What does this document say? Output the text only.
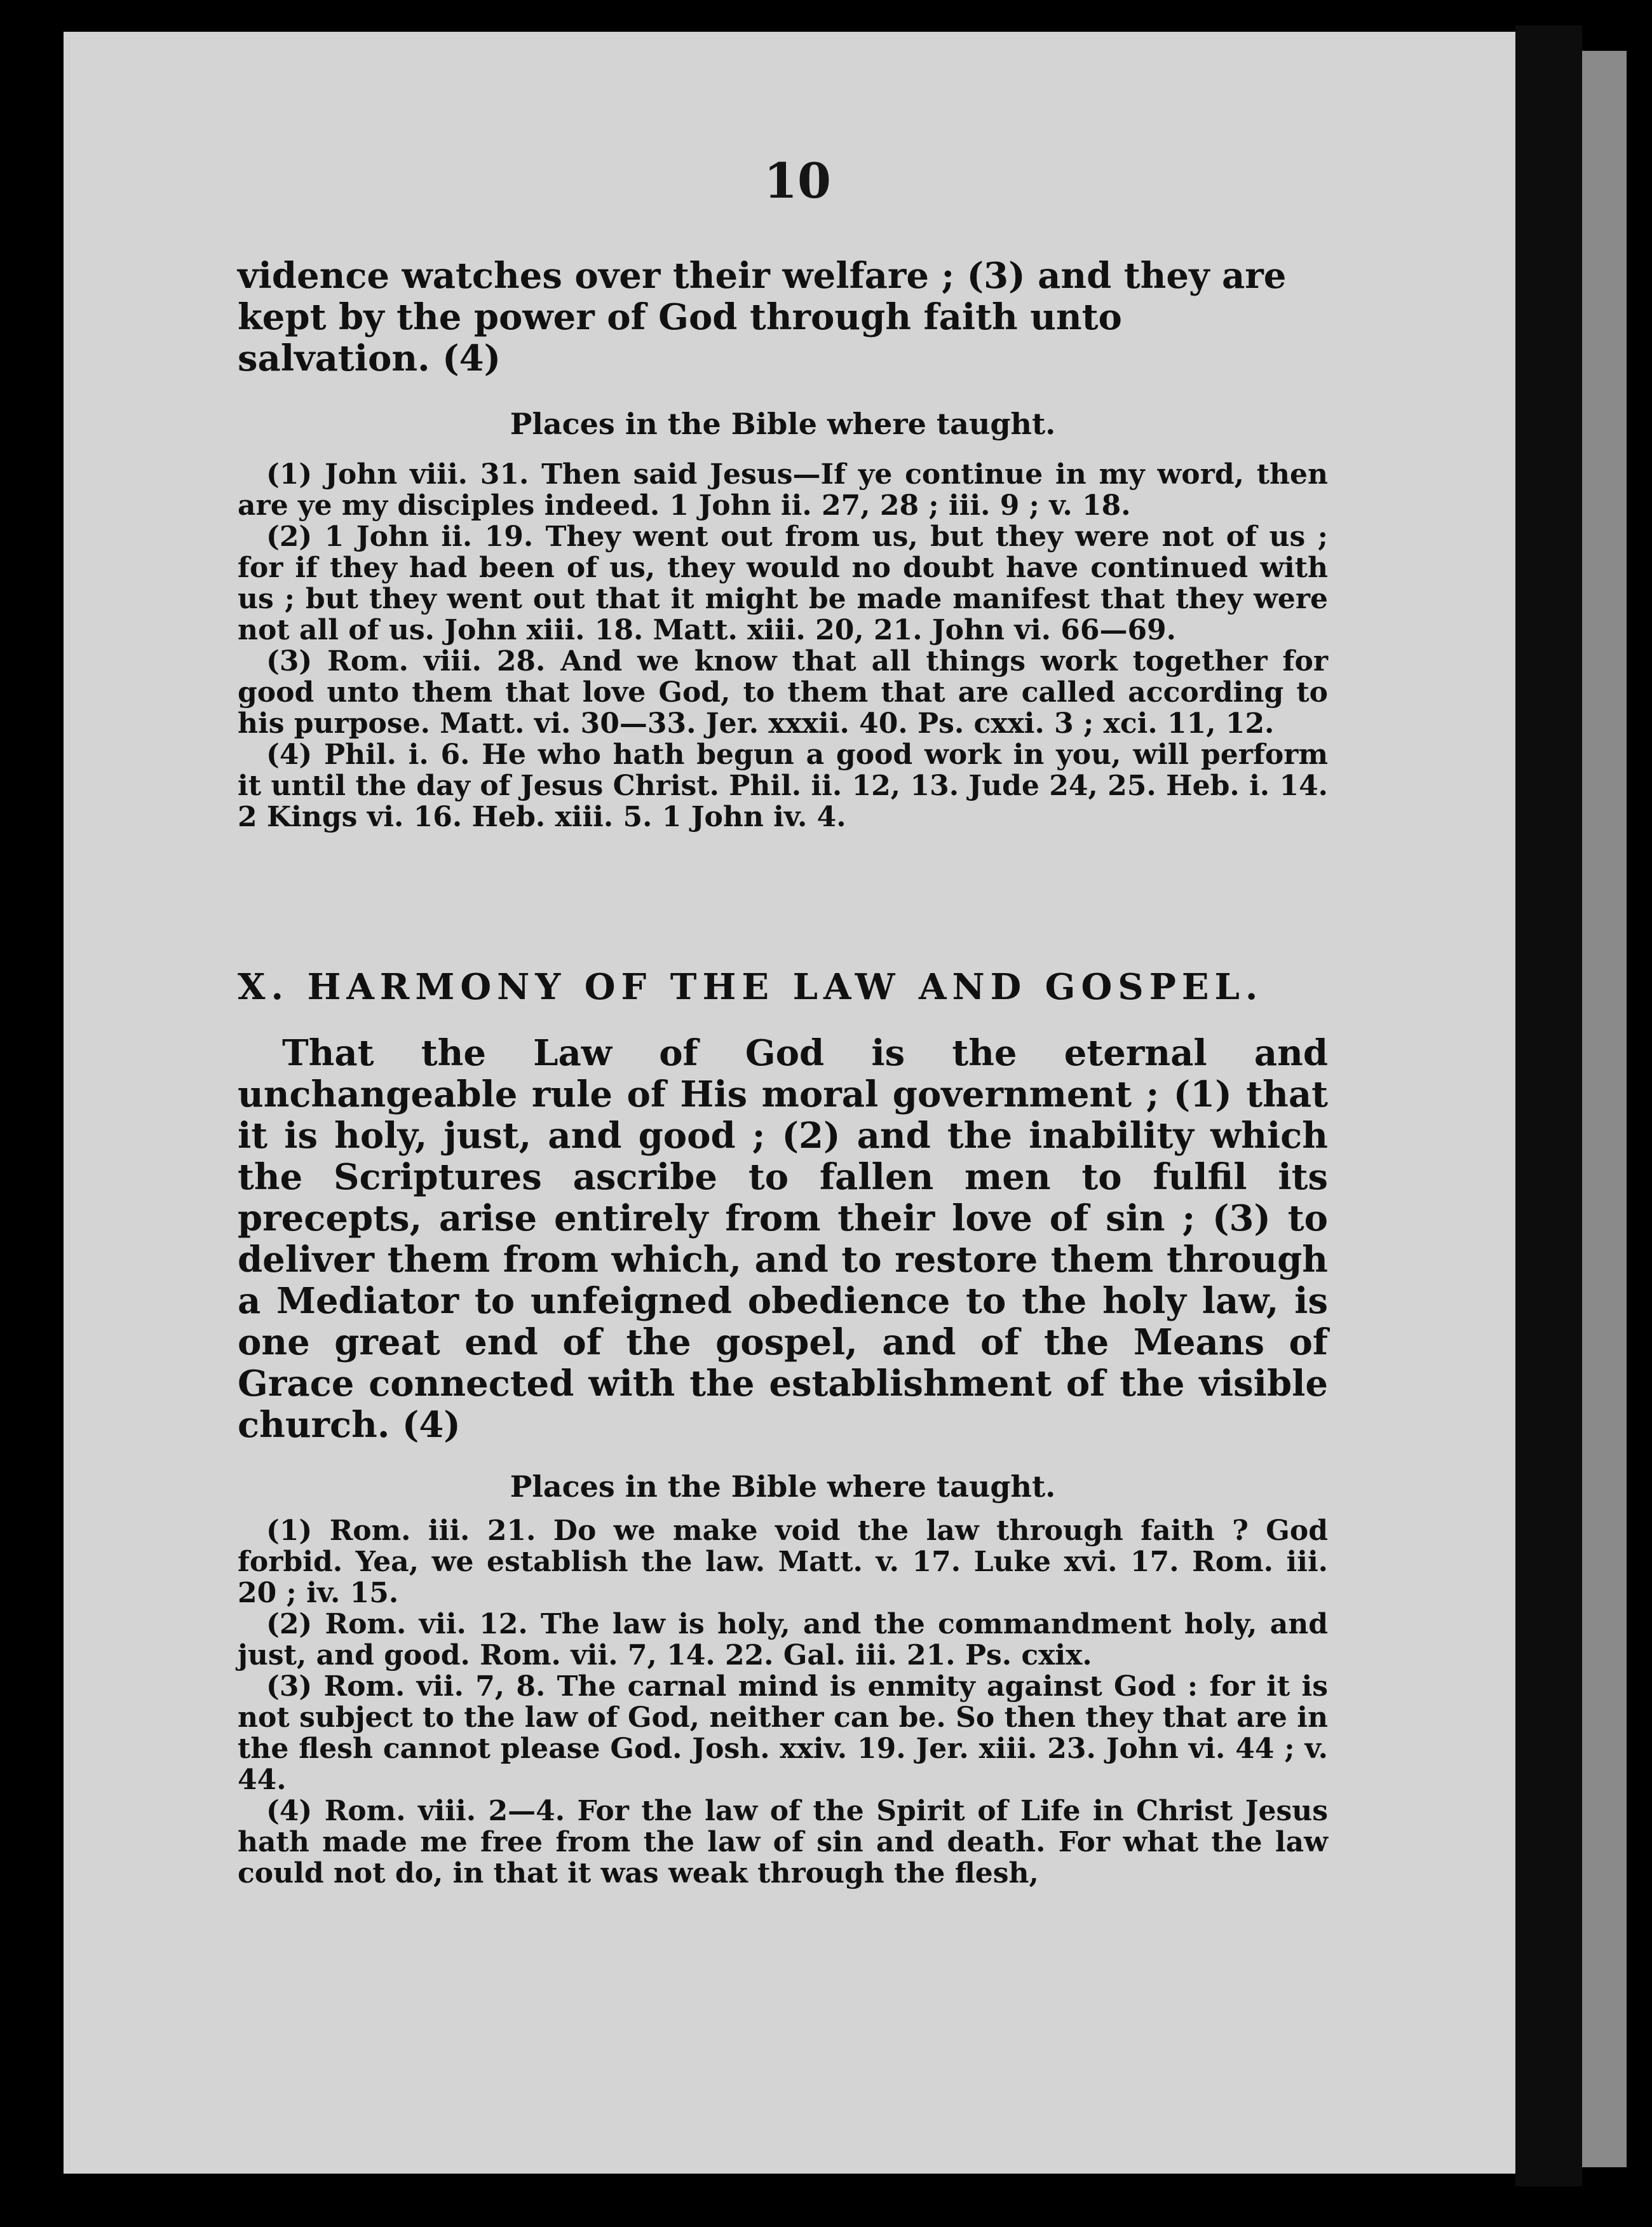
10
vidence watches over their welfare ; (3) and they are
kept by the power of God through faith unto
salvation. (4)
Places in the Bible where taught.

(1) John viii. 31. Then said Jesus—If ye continue in my word, then are ye my disciples indeed. 1 John ii. 27, 28 ; iii. 9 ; v. 18.

(2) 1 John ii. 19. They went out from us, but they were not of us ; for if they had been of us, they would no doubt have continued with us ; but they went out that it might be made manifest that they were not all of us. John xiii. 18. Matt. xiii. 20, 21. John vi. 66—69.

(3) Rom. viii. 28. And we know that all things work together for good unto them that love God, to them that are called according to his purpose. Matt. vi. 30—33. Jer. xxxii. 40. Ps. cxxi. 3 ; xci. 11, 12.

(4) Phil. i. 6. He who hath begun a good work in you, will perform it until the day of Jesus Christ. Phil. ii. 12, 13. Jude 24, 25. Heb. i. 14. 2 Kings vi. 16. Heb. xiii. 5. 1 John iv. 4.

X. HARMONY OF THE LAW AND GOSPEL.
That the Law of God is the eternal and unchangeable rule of His moral government ; (1) that it is holy, just, and good ; (2) and the inability which the Scriptures ascribe to fallen men to fulfil its precepts, arise entirely from their love of sin ; (3) to deliver them from which, and to restore them through a Mediator to unfeigned obedience to the holy law, is one great end of the gospel, and of the Means of Grace connected with the establishment of the visible church. (4)
Places in the Bible where taught.

(1) Rom. iii. 21. Do we make void the law through faith ? God forbid. Yea, we establish the law. Matt. v. 17. Luke xvi. 17. Rom. iii. 20 ; iv. 15.

(2) Rom. vii. 12. The law is holy, and the commandment holy, and just, and good. Rom. vii. 7, 14. 22. Gal. iii. 21. Ps. cxix.

(3) Rom. vii. 7, 8. The carnal mind is enmity against God : for it is not subject to the law of God, neither can be. So then they that are in the flesh cannot please God. Josh. xxiv. 19. Jer. xiii. 23. John vi. 44 ; v. 44.

(4) Rom. viii. 2—4. For the law of the Spirit of Life in Christ Jesus hath made me free from the law of sin and death. For what the law could not do, in that it was weak through the flesh,
